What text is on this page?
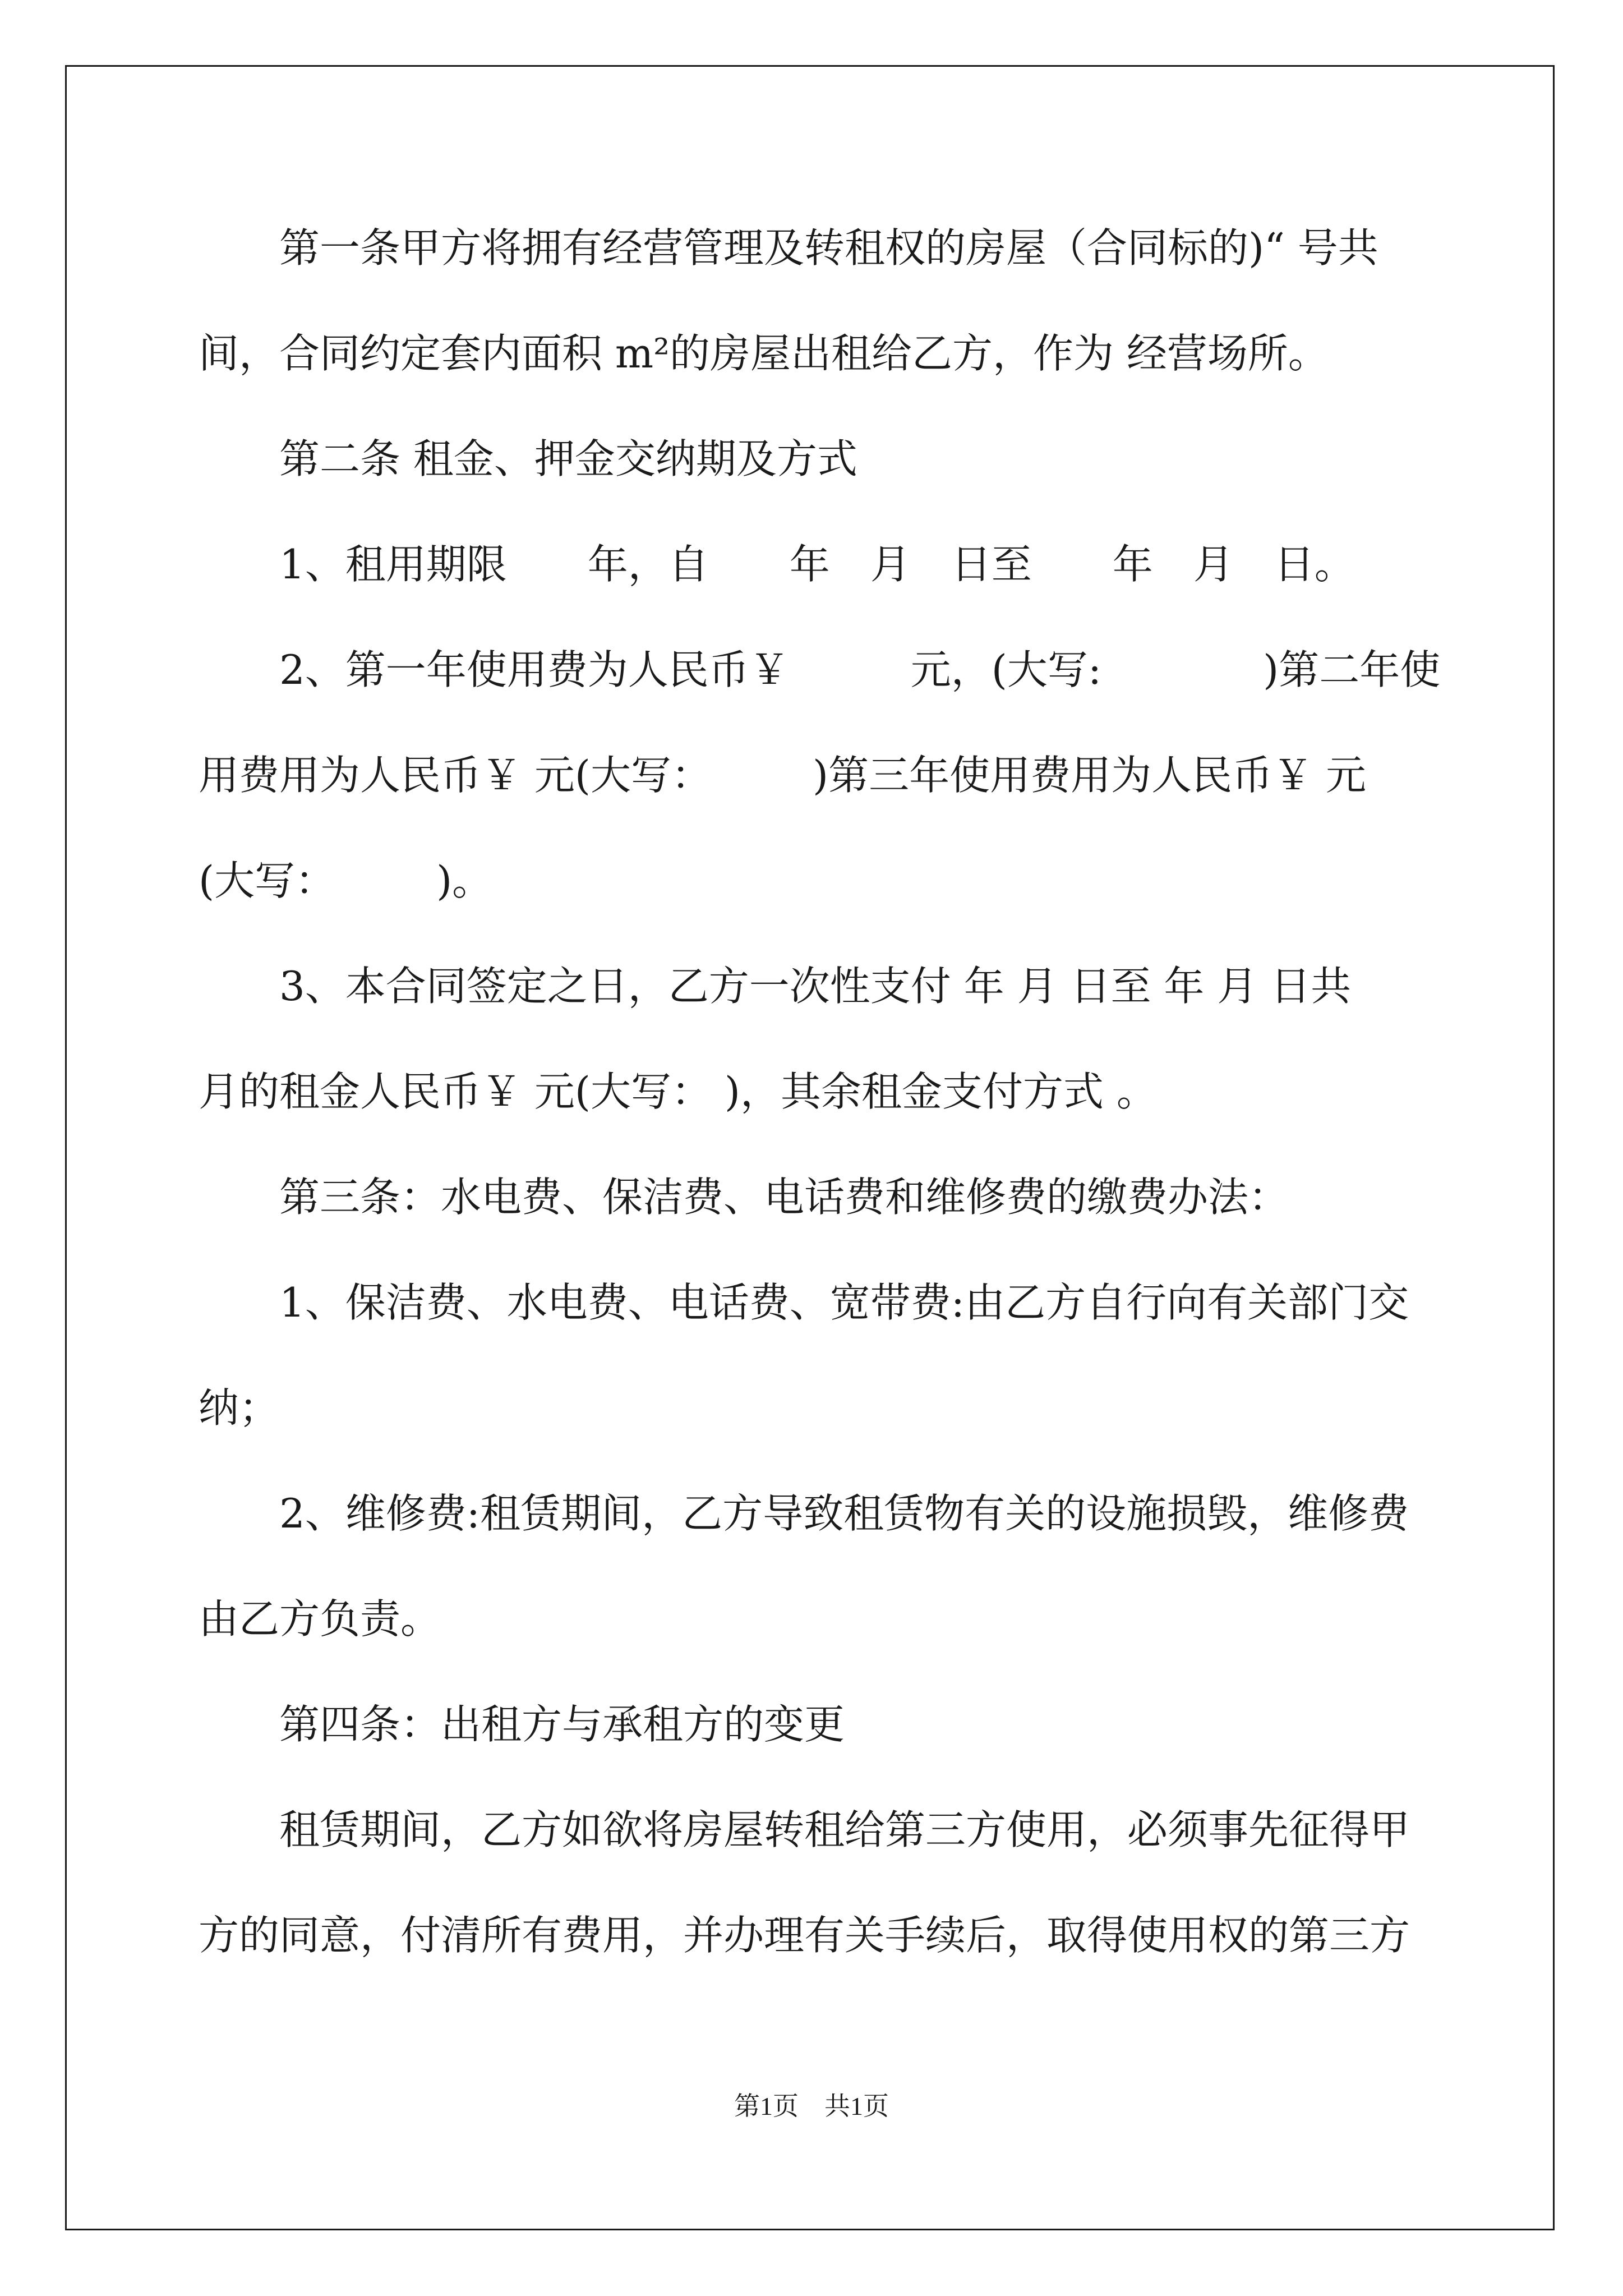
　　第一条甲方将拥有经营管理及转租权的房屋（合同标的)“ 号共
间，合同约定套内面积 m²的房屋出租给乙方，作为 经营场所。
　　第二条 租金、押金交纳期及方式
　　1、租用期限　　年，自　　年　月　日至　　年　月　日。
　　2、第一年使用费为人民币￥　　　元，(大写:　　　　)第二年使
用费用为人民币￥ 元(大写：　　　)第三年使用费用为人民币￥ 元
(大写：　　　)。
　　3、本合同签定之日，乙方一次性支付 年 月 日至 年 月 日共
月的租金人民币￥ 元(大写： )，其余租金支付方式 。
　　第三条：水电费、保洁费、电话费和维修费的缴费办法：
　　1、保洁费、水电费、电话费、宽带费:由乙方自行向有关部门交
纳；
　　2、维修费:租赁期间，乙方导致租赁物有关的设施损毁，维修费
由乙方负责。
　　第四条：出租方与承租方的变更
　　租赁期间，乙方如欲将房屋转租给第三方使用，必须事先征得甲
方的同意，付清所有费用，并办理有关手续后，取得使用权的第三方
第1页　共1页
